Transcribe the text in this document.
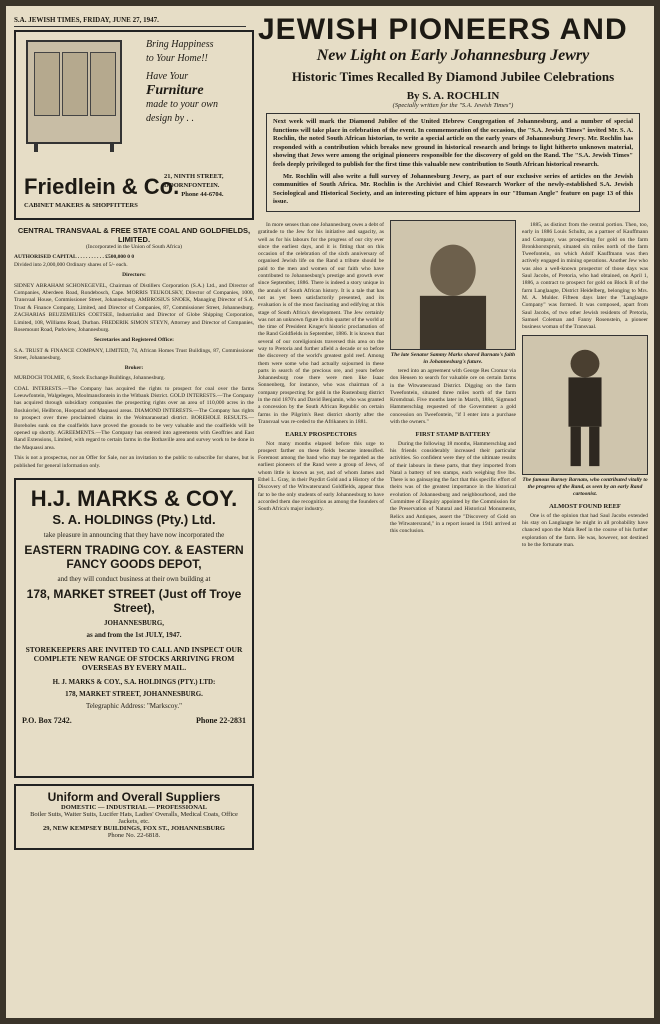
S.A. JEWISH TIMES, FRIDAY, JUNE 27, 1947.
Bring Happiness
to Your Home!!
Have Your
Furniture
made to your own
design by . .
Friedlein & Co.
21, NINTH STREET,
DOORNFONTEIN.
Phone 44-6704.
CABINET MAKERS & SHOPFITTERS
CENTRAL TRANSVAAL & FREE STATE COAL AND GOLDFIELDS, LIMITED.
(Incorporated in the Union of South Africa)

AUTHORISED CAPITAL . . . . . . . . . . £500,000 0 0

Divided into 2,000,000 Ordinary shares of 5/- each.
Directors:

SIDNEY ABRAHAM SCHONEGEVEL, Chairman of Distillers Corporation (S.A.) Ltd., and Director of Companies, Aberdeen Road, Rondebosch, Cape. MORRIS TEUKOLSKY, Director of Companies, 1000, Transvaal House, Commissioner Street, Johannesburg. AMBROSIUS SNOEK, Managing Director of S.A. Trust & Finance Company, Limited, and Director of Companies, 87, Commissioner Street, Johannesburg. ZACHARIAS BEUZEMEURS COETSEE, Industrialist and Director of Globe Shipping Corporation, Limited, 108, Williams Road, Durban. FREDERIK SIMON STEYN, Attorney and Director of Companies, Rosemount Road, Parkview, Johannesburg.

Secretaries and Registered Office:

S.A. TRUST & FINANCE COMPANY, LIMITED, 74, African Homes Trust Buildings, 87, Commissioner Street, Johannesburg.

Broker:

MURDOCH TOLMIE, 6, Stock Exchange Buildings, Johannesburg.

COAL INTERESTS.—The Company has acquired the rights to prospect for coal over the farms Leeuwfontein, Walgelegen, Moolmansfontein in the Witbank District. GOLD INTERESTS.—The Company has acquired through subsidiary companies the prospecting rights over an area of 110,000 acres in the Bosluisvlei, Heilbron, Hoopstad and Maquassi areas. DIAMOND INTERESTS.—The Company has rights to prospect over three proclaimed claims in the Wolmaransstad district. BOREHOLE RESULTS.—Boreholes sunk on the coalfields have proved the grounds to be very valuable and the coalfields will be opened up shortly. AGREEMENTS.—The Company has entered into agreements with Geoffries and East Rand Extensions, Limited, with regard to certain farms in the Bothaville area and survey work to be done in the Maquassi area.

This is not a prospectus, nor an Offer for Sale, nor an invitation to the public to subscribe for shares, but is published for general information only.

H.J. MARKS & COY.
S. A. HOLDINGS (Pty.) Ltd.
take pleasure in announcing that they have now incorporated the
EASTERN TRADING COY. & EASTERN FANCY GOODS DEPOT,
and they will conduct business at their own building at
178, MARKET STREET (Just off Troye Street),
JOHANNESBURG,
as and from the 1st JULY, 1947.
STOREKEEPERS ARE INVITED TO CALL AND INSPECT OUR COMPLETE NEW RANGE OF STOCKS ARRIVING FROM OVERSEAS BY EVERY MAIL.
H. J. MARKS & COY., S.A. HOLDINGS (PTY.) LTD:
178, MARKET STREET, JOHANNESBURG.
Telegraphic Address: "Markscoy."
P.O. Box 7242.	Phone 22-2831
Uniform and Overall Suppliers
DOMESTIC — INDUSTRIAL — PROFESSIONAL
Boiler Suits, Waiter Suits, Lucifer Hats, Ladies' Overalls, Medical Coats, Office Jackets, etc.
29, NEW KEMPSEY BUILDINGS, FOX ST., JOHANNESBURG
Phone No. 22-6818.
JEWISH PIONEERS AND
New Light on Early Johannesburg Jewry
Historic Times Recalled By Diamond Jubilee Celebrations
By S. A. ROCHLIN
(Specially written for the "S.A. Jewish Times")

Next week will mark the Diamond Jubilee of the United Hebrew Congregation of Johannesburg, and a number of special functions will take place in celebration of the event. In commemoration of the occasion, the "S.A. Jewish Times" invited Mr. S. A. Rochlin, the noted South African historian, to write a special article on the early years of Johannesburg Jewry. Mr. Rochlin has responded with a contribution which breaks new ground in historical research and brings to light hitherto unknown material, showing that Jews were among the original pioneers responsible for the discovery of gold on the Rand. The "S.A. Jewish Times" feels deeply privileged to publish for the first time this valuable new contribution to South African historical research.

Mr. Rochlin will also write a full survey of Johannesburg Jewry, as part of our exclusive series of articles on the Jewish communities of South Africa. Mr. Rochlin is the Archivist and Chief Research Worker of the newly-established S.A. Jewish Sociological and Historical Society, and an interesting picture of him appears in our "Human Angle" feature on page 13 of this issue.

In more senses than one Johannesburg owes a debt of gratitude to the Jew for his initiative and sagacity, as well as for his labours for the progress of our city ever since the earliest days, and it is fitting that on this occasion of the celebration of the sixth anniversary of organised Jewish life on the Rand a tribute should be paid to the men and women of our faith who have contributed to Johannesburg's prestige and growth ever since September, 1886. There is indeed a story unique in the annals of South African history. It is a tale that has not as yet been satisfactorily presented, and its evaluation is of the most fascinating and edifying at this stage of South Africa's development. The Jew certainly was not an unknown figure in this quarter of the world at the time of President Kruger's historic proclamation of the Rand Goldfields in September, 1886. It is known that several of our coreligionists traversed this area on the way to Pretoria and further afield a decade or so before the discovery of the world's greatest gold reef. Among them were some who had actually sojourned in these parts in search of the precious ore, and years before Johannesburg rose there were men like Isaac Sonnenberg, for instance, who was chairman of a company prospecting for gold in the Rustenburg district in the mid 1870's and David Benjamin, who was granted a concession by the South African Republic on certain farms in the Pilgrim's Rest district shortly after the Transvaal was re-ceded to the Afrikaners in 1881.

EARLY PROSPECTORS

Not many months elapsed before this urge to prospect farther on these fields became intensified. Foremost among the band who may be regarded as the earliest pioneers of the Rand were a group of Jews, of whom little is known as yet, and of whom James and Ethel L. Gray, in their Paydirt Gold and a History of the Discovery of the Witwatersrand Goldfields, appear thus far to be the only students of early Johannesburg to have accorded them due recognition as among the founders of South Africa's major industry.

The late Senator Sammy Marks shared Barnato's faith in Johannesburg's future.

tered into an agreement with George Res Cromar via don Heusen to search for valuable ore on certain farms in the Witwatersrand District. Digging on the farm Tweefontein, situated three miles north of the farm Kromdraai. Five months later in March, 1884, Sigmund Hammerschlag requested of the Government a gold concession on Tweefontein, "if I enter into a purchase with the owners."

FIRST STAMP BATTERY

During the following 18 months, Hammerschlag and his friends considerably increased their particular activities. So confident were they of the ultimate results of their labours in these parts, that they imported from Natal a battery of ten stamps, each weighing five lbs. There is no gainsaying the fact that this specific effort of theirs was of the greatest importance in the historical evolution of Johannesburg and neighbourhood, and the Committee of Enquiry appointed by the Commission for the Preservation of Natural and Historical Monuments, Relics and Antiques, assert the "Discovery of Gold on the Witwatersrand," in a report issued in 1941 arrived at this conclusion.

1885, as distinct from the central portion. Then, too, early in 1886 Louis Schultz, as a partner of Kauffmann and Company, was prospecting for gold on the farm Bronkhorstspruit, situated six miles north of the farm Tweefontein, on which Adolf Kauffmann was then actively engaged in mining operations. Another Jew who was also a well-known prospector of those days was Saul Jacobs, of Pretoria, who had obtained, on April 1, 1886, a contract to prospect for gold on Block B of the farm Langlaagte, District Heidelberg, belonging to Mrs. M. A. Mulder. Fifteen days later the "Langlaagte Company" was formed. It was composed, apart from Saul Jacobs, of two other Jewish residents of Pretoria, Samuel Coleman and Fanny Rosenstein, a pioneer business woman of the Transvaal.

The famous Barney Barnato, who contributed vitally to the progress of the Rand, as seen by an early Rand cartoonist.
ALMOST FOUND REEF

One is of the opinion that had Saul Jacobs extended his stay on Langlaagte he might in all probability have chanced upon the Main Reef in the course of his further exploration of the farm. He was, however, not destined to be the fortunate man.
